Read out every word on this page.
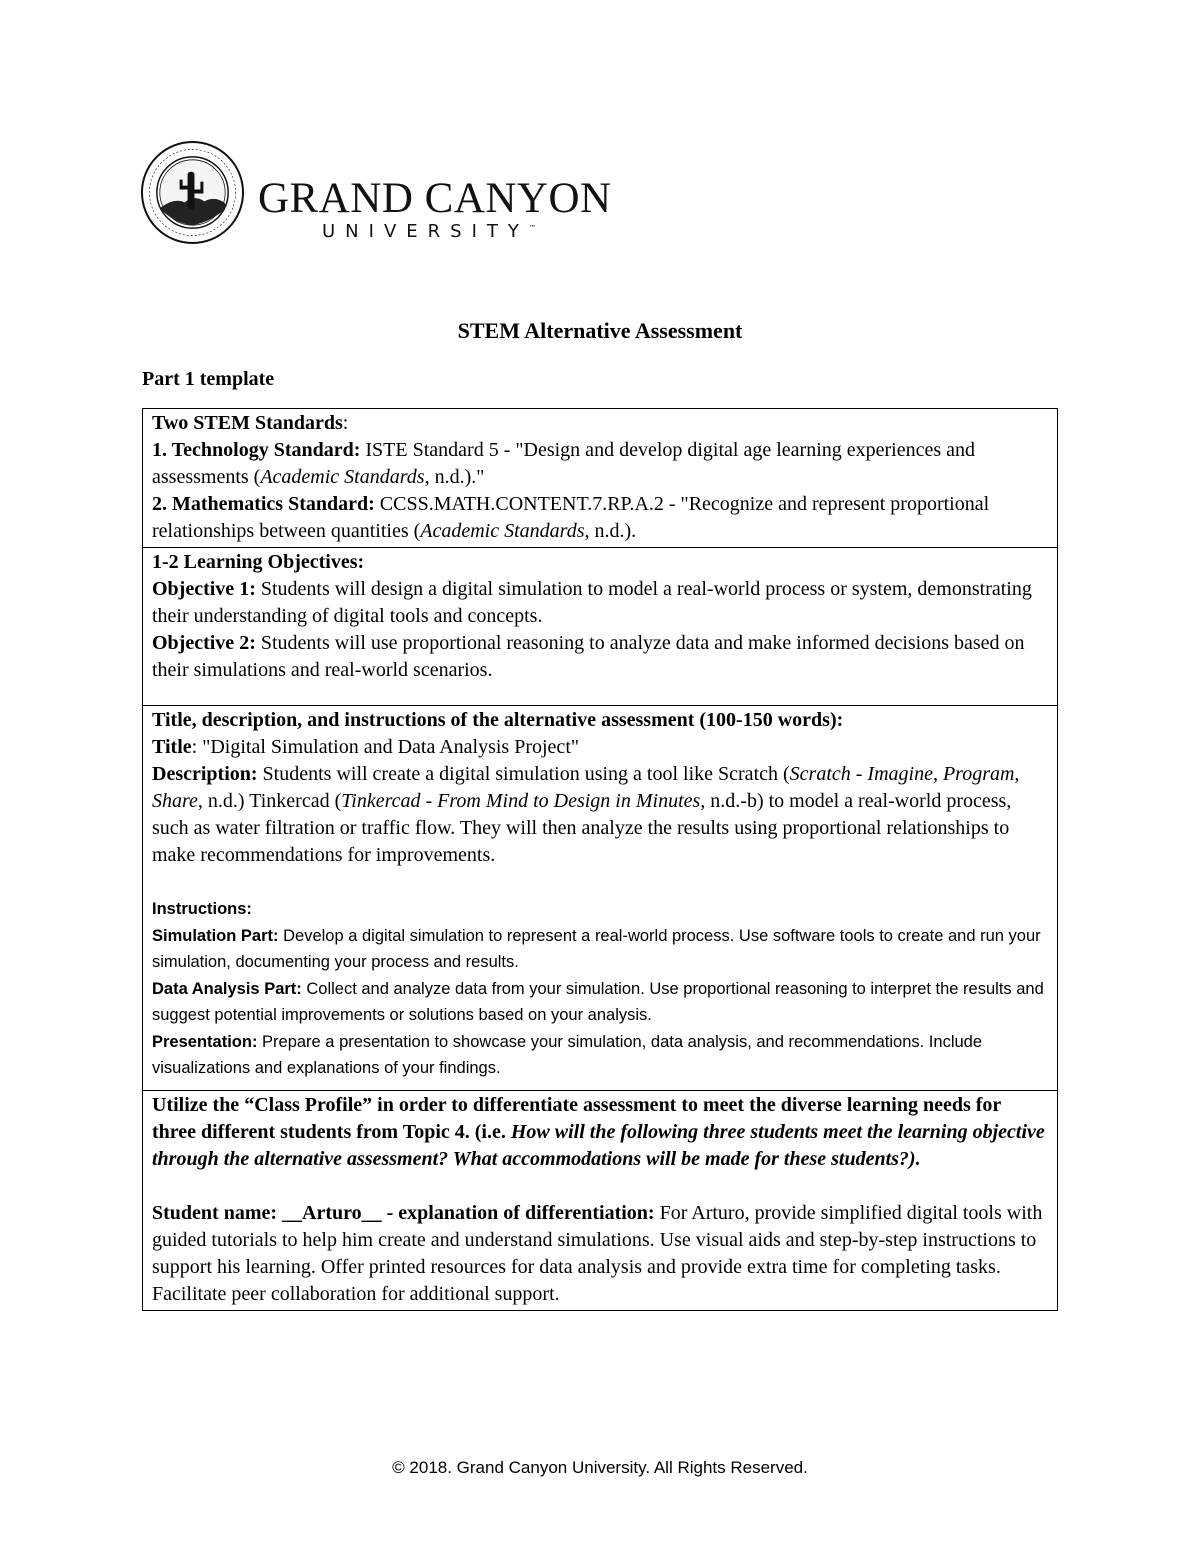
GRAND CANYON
UNIVERSITY™
STEM Alternative Assessment
Part 1 template
Two STEM Standards:
1. Technology Standard: ISTE Standard 5 - "Design and develop digital age learning experiences and assessments (Academic Standards, n.d.)."
2. Mathematics Standard: CCSS.MATH.CONTENT.7.RP.A.2 - "Recognize and represent proportional relationships between quantities (Academic Standards, n.d.).
1-2 Learning Objectives:
Objective 1: Students will design a digital simulation to model a real-world process or system, demonstrating their understanding of digital tools and concepts.
Objective 2: Students will use proportional reasoning to analyze data and make informed decisions based on their simulations and real-world scenarios.
Title, description, and instructions of the alternative assessment (100-150 words):
Title: "Digital Simulation and Data Analysis Project"
Description: Students will create a digital simulation using a tool like Scratch (Scratch - Imagine, Program, Share, n.d.) Tinkercad (Tinkercad - From Mind to Design in Minutes, n.d.-b) to model a real-world process, such as water filtration or traffic flow. They will then analyze the results using proportional relationships to make recommendations for improvements.
Instructions:
Simulation Part: Develop a digital simulation to represent a real-world process. Use software tools to create and run your simulation, documenting your process and results.
Data Analysis Part: Collect and analyze data from your simulation. Use proportional reasoning to interpret the results and suggest potential improvements or solutions based on your analysis.
Presentation: Prepare a presentation to showcase your simulation, data analysis, and recommendations. Include visualizations and explanations of your findings.

Utilize the “Class Profile” in order to differentiate assessment to meet the diverse learning needs for three different students from Topic 4. (i.e. How will the following three students meet the learning objective through the alternative assessment? What accommodations will be made for these students?).
Student name: __Arturo__ - explanation of differentiation: For Arturo, provide simplified digital tools with guided tutorials to help him create and understand simulations. Use visual aids and step-by-step instructions to support his learning. Offer printed resources for data analysis and provide extra time for completing tasks. Facilitate peer collaboration for additional support.
© 2018. Grand Canyon University. All Rights Reserved.
